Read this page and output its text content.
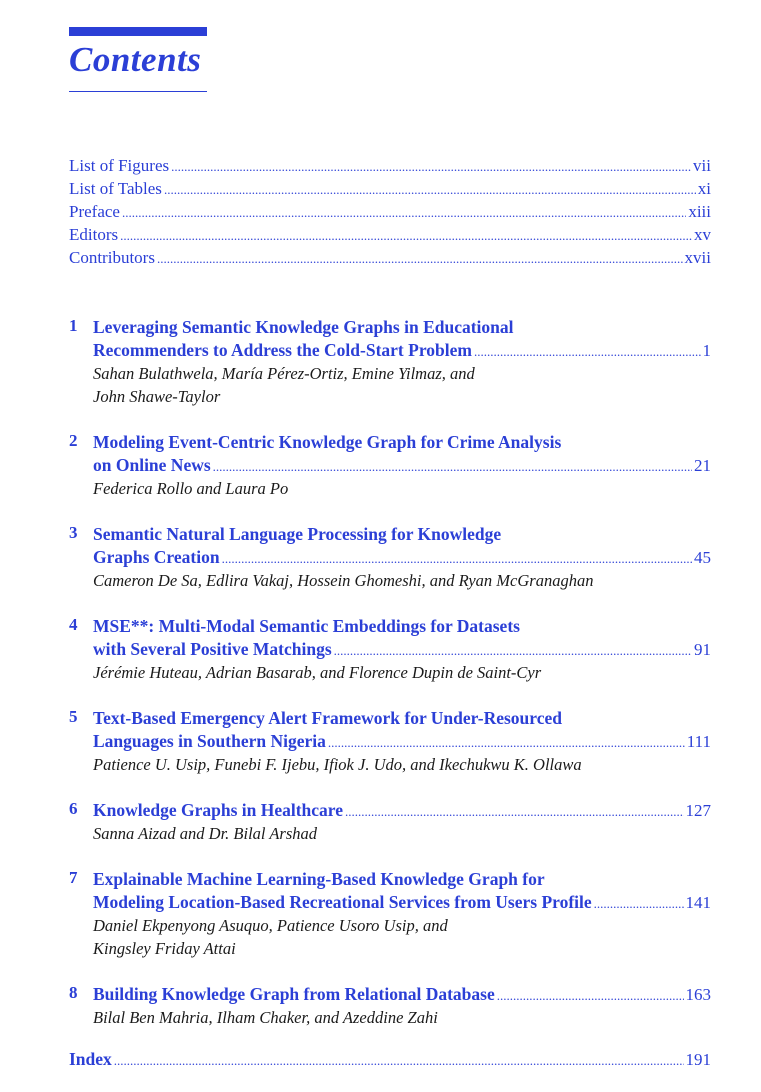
Contents
List of Figures .....	vii
List of Tables .....	xi
Preface .....	xiii
Editors .....	xv
Contributors .....	xvii
1 Leveraging Semantic Knowledge Graphs in Educational
Recommenders to Address the Cold-Start Problem .....	1
Sahan Bulathwela, María Pérez-Ortiz, Emine Yilmaz, and
John Shawe-Taylor
2 Modeling Event-Centric Knowledge Graph for Crime Analysis
on Online News .....	21
Federica Rollo and Laura Po
3 Semantic Natural Language Processing for Knowledge
Graphs Creation .....	45
Cameron De Sa, Edlira Vakaj, Hossein Ghomeshi, and Ryan McGranaghan
4 MSE**: Multi-Modal Semantic Embeddings for Datasets
with Several Positive Matchings .....	91
Jérémie Huteau, Adrian Basarab, and Florence Dupin de Saint-Cyr
5 Text-Based Emergency Alert Framework for Under-Resourced
Languages in Southern Nigeria .....	111
Patience U. Usip, Funebi F. Ijebu, Ifiok J. Udo, and Ikechukwu K. Ollawa
6 Knowledge Graphs in Healthcare .....	127
Sanna Aizad and Dr. Bilal Arshad
7 Explainable Machine Learning-Based Knowledge Graph for
Modeling Location-Based Recreational Services from Users Profile .....	141
Daniel Ekpenyong Asuquo, Patience Usoro Usip, and
Kingsley Friday Attai
8 Building Knowledge Graph from Relational Database .....	163
Bilal Ben Mahria, Ilham Chaker, and Azeddine Zahi
Index .....	191
